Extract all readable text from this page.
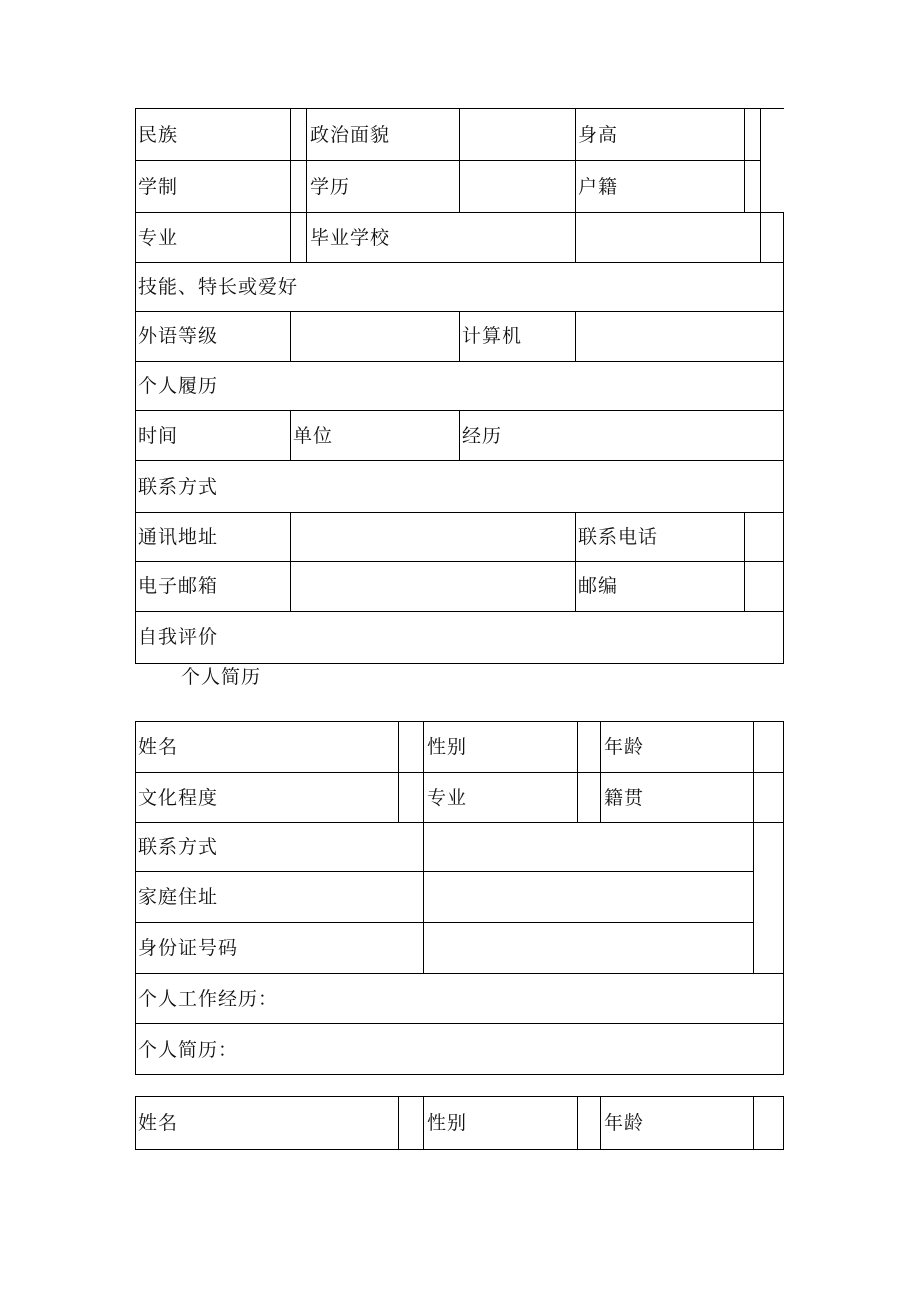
民族	政治面貌	身高
学制	学历	户籍
专业	毕业学校
技能、特长或爱好
外语等级	计算机
个人履历
时间	单位	经历
联系方式
通讯地址	联系电话
电子邮箱	邮编
自我评价
个人简历
姓名	性别	年龄
文化程度	专业	籍贯
联系方式
家庭住址
身份证号码
个人工作经历：
个人简历：
姓名	性别	年龄
